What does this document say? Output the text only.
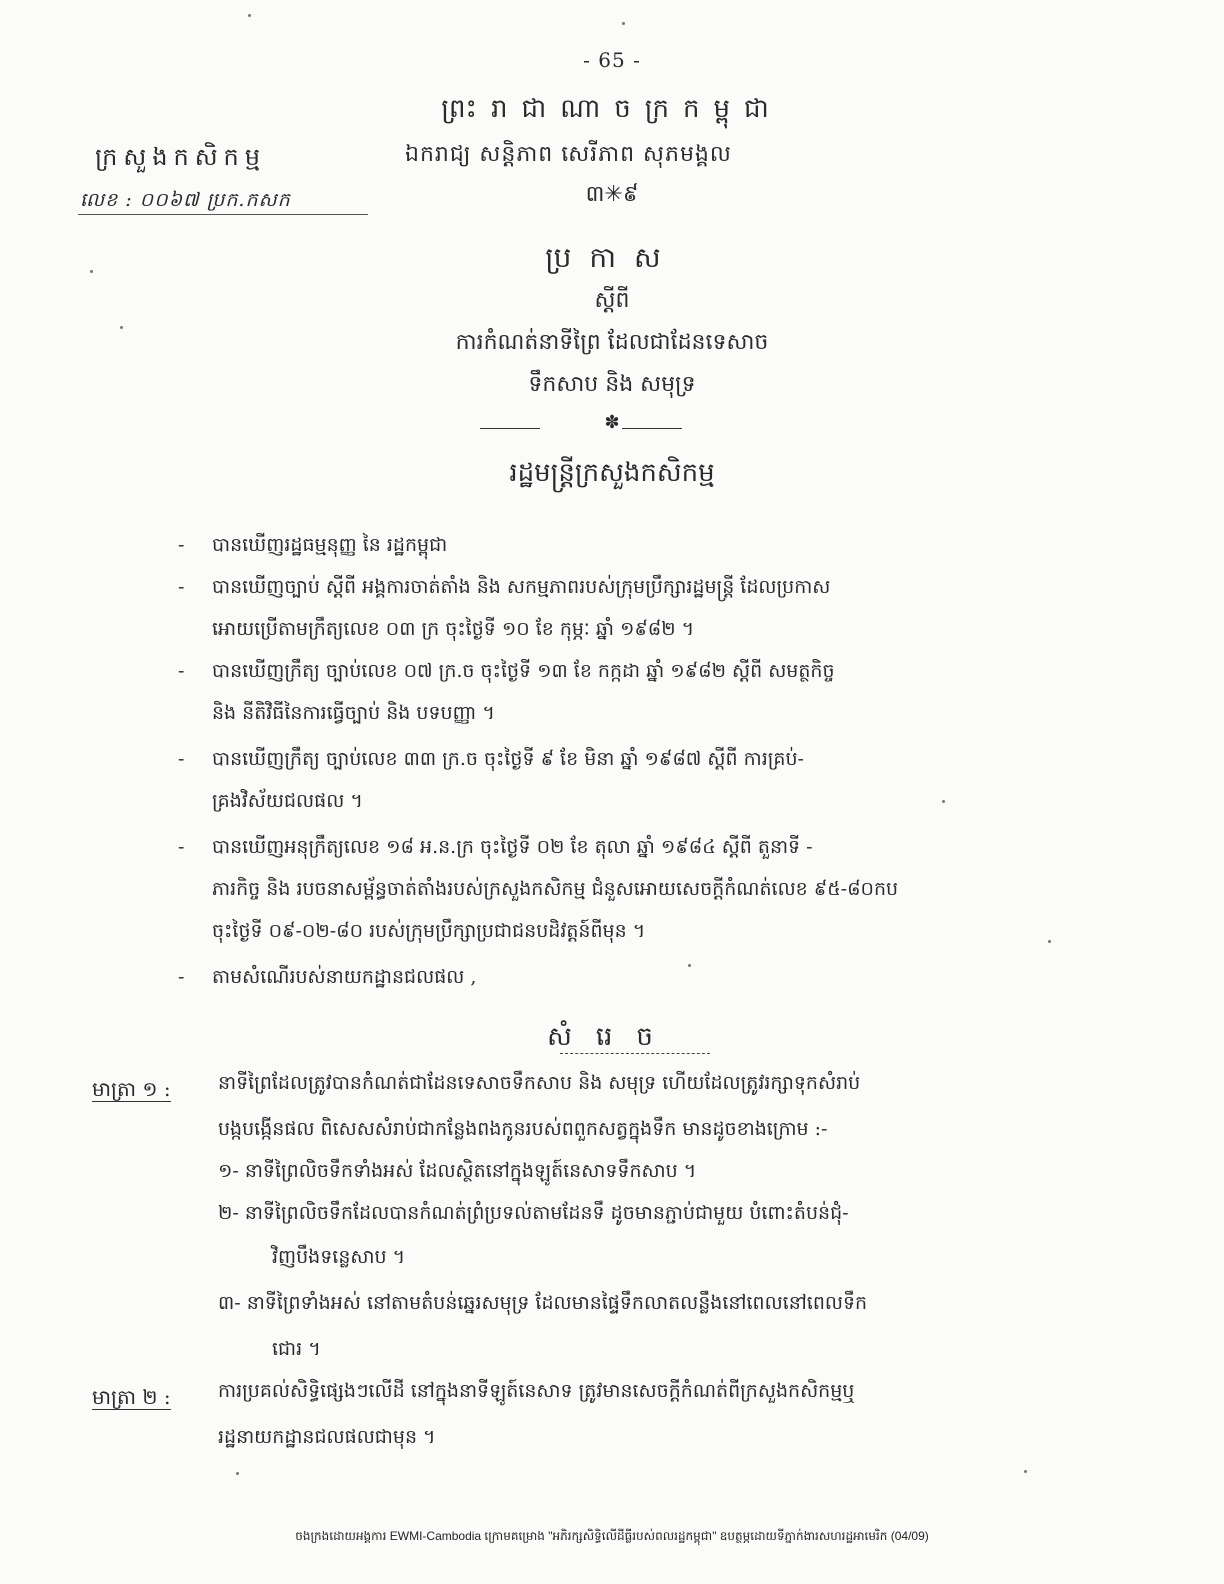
- 65 -
ព្រះរាជាណាចក្រកម្ពុជា
ក្រសួងកសិកម្ម	ឯករាជ្យ សន្តិភាព សេរីភាព សុភមង្គល
លេខ : ០០៦៧ ប្រក.កសក	៣✳៩
ប្រកាស
ស្តីពី
ការកំណត់នាទីព្រៃ ដែលជាដែនទេសាច
ទឹកសាប និង សមុទ្រ
✽
រដ្ឋមន្ត្រីក្រសួងកសិកម្ម
- បានឃើញរដ្ឋធម្មនុញ្ញ នៃ រដ្ឋកម្ពុជា
- បានឃើញច្បាប់ ស្តីពី អង្គការចាត់តាំង និង សកម្មភាពរបស់ក្រុមប្រឹក្សារដ្ឋមន្ត្រី ដែលប្រកាស
អោយប្រើតាមក្រឹត្យលេខ ០៣ ក្រ ចុះថ្ងៃទី ១០ ខែ កុម្ភៈ ឆ្នាំ ១៩៨២ ។
- បានឃើញក្រឹត្យ ច្បាប់លេខ ០៧ ក្រ.ច ចុះថ្ងៃទី ១៣ ខែ កក្កដា ឆ្នាំ ១៩៨២ ស្តីពី សមត្ថកិច្ច
និង នីតិវិធីនៃការធ្វើច្បាប់ និង បទបញ្ញា ។
- បានឃើញក្រឹត្យ ច្បាប់លេខ ៣៣ ក្រ.ច ចុះថ្ងៃទី ៩ ខែ មិនា ឆ្នាំ ១៩៨៧ ស្តីពី ការគ្រប់-
គ្រងវិស័យជលផល ។
- បានឃើញអនុក្រឹត្យលេខ ១៨ អ.ន.ក្រ ចុះថ្ងៃទី ០២ ខែ តុលា ឆ្នាំ ១៩៨៤ ស្តីពី តួនាទី -
ភារកិច្ច និង របចនាសម្ព័ន្ធចាត់តាំងរបស់ក្រសួងកសិកម្ម ជំនួសអោយសេចក្តីកំណត់លេខ ៩៥-៨០កប
ចុះថ្ងៃទី ០៩-០២-៨០ របស់ក្រុមប្រឹក្សាប្រជាជនបដិវត្តន៍ពីមុន ។
- តាមសំណើរបស់នាយកដ្ឋានជលផល ,
សំរេច
មាត្រា ១ : នាទីព្រៃដែលត្រូវបានកំណត់ជាដែនទេសាចទឹកសាប និង សមុទ្រ ហើយដែលត្រូវរក្សាទុកសំរាប់
បង្កបង្កើនផល ពិសេសសំរាប់ជាកន្លែងពងកូនរបស់ពពួកសត្វក្នុងទឹក មានដូចខាងក្រោម :-
១- នាទីព្រៃលិចទឹកទាំងអស់ ដែលស្ថិតនៅក្នុងឡូត៍នេសាទទឹកសាប ។
២- នាទីព្រៃលិចទឹកដែលបានកំណត់ព្រំប្រទល់តាមដែនទឹ ដូចមានភ្ជាប់ជាមួយ បំពោះតំបន់ជុំ-
វិញបឹងទន្លេសាប ។
៣- នាទីព្រៃទាំងអស់ នៅតាមតំបន់ឆ្នេរសមុទ្រ ដែលមានផ្ទៃទឹកលាតលន្លឹងនៅពេលនៅពេលទឹក
ជោរ ។
មាត្រា ២ : ការប្រគល់សិទ្ធិផ្សេងៗលើដី នៅក្នុងនាទីឡូត៍នេសាទ ត្រូវមានសេចក្តីកំណត់ពីក្រសួងកសិកម្មឬ
រដ្ឋនាយកដ្ឋានជលផលជាមុន ។
ចងក្រងដោយអង្គការ EWMI-Cambodia ក្រោមគម្រោង "អភិរក្សសិទ្ធិលើដីធ្លីរបស់ពលរដ្ឋកម្ពុជា" ឧបត្ថម្ភដោយទីភ្នាក់ងារសហរដ្ឋអាមេរិក (04/09)
